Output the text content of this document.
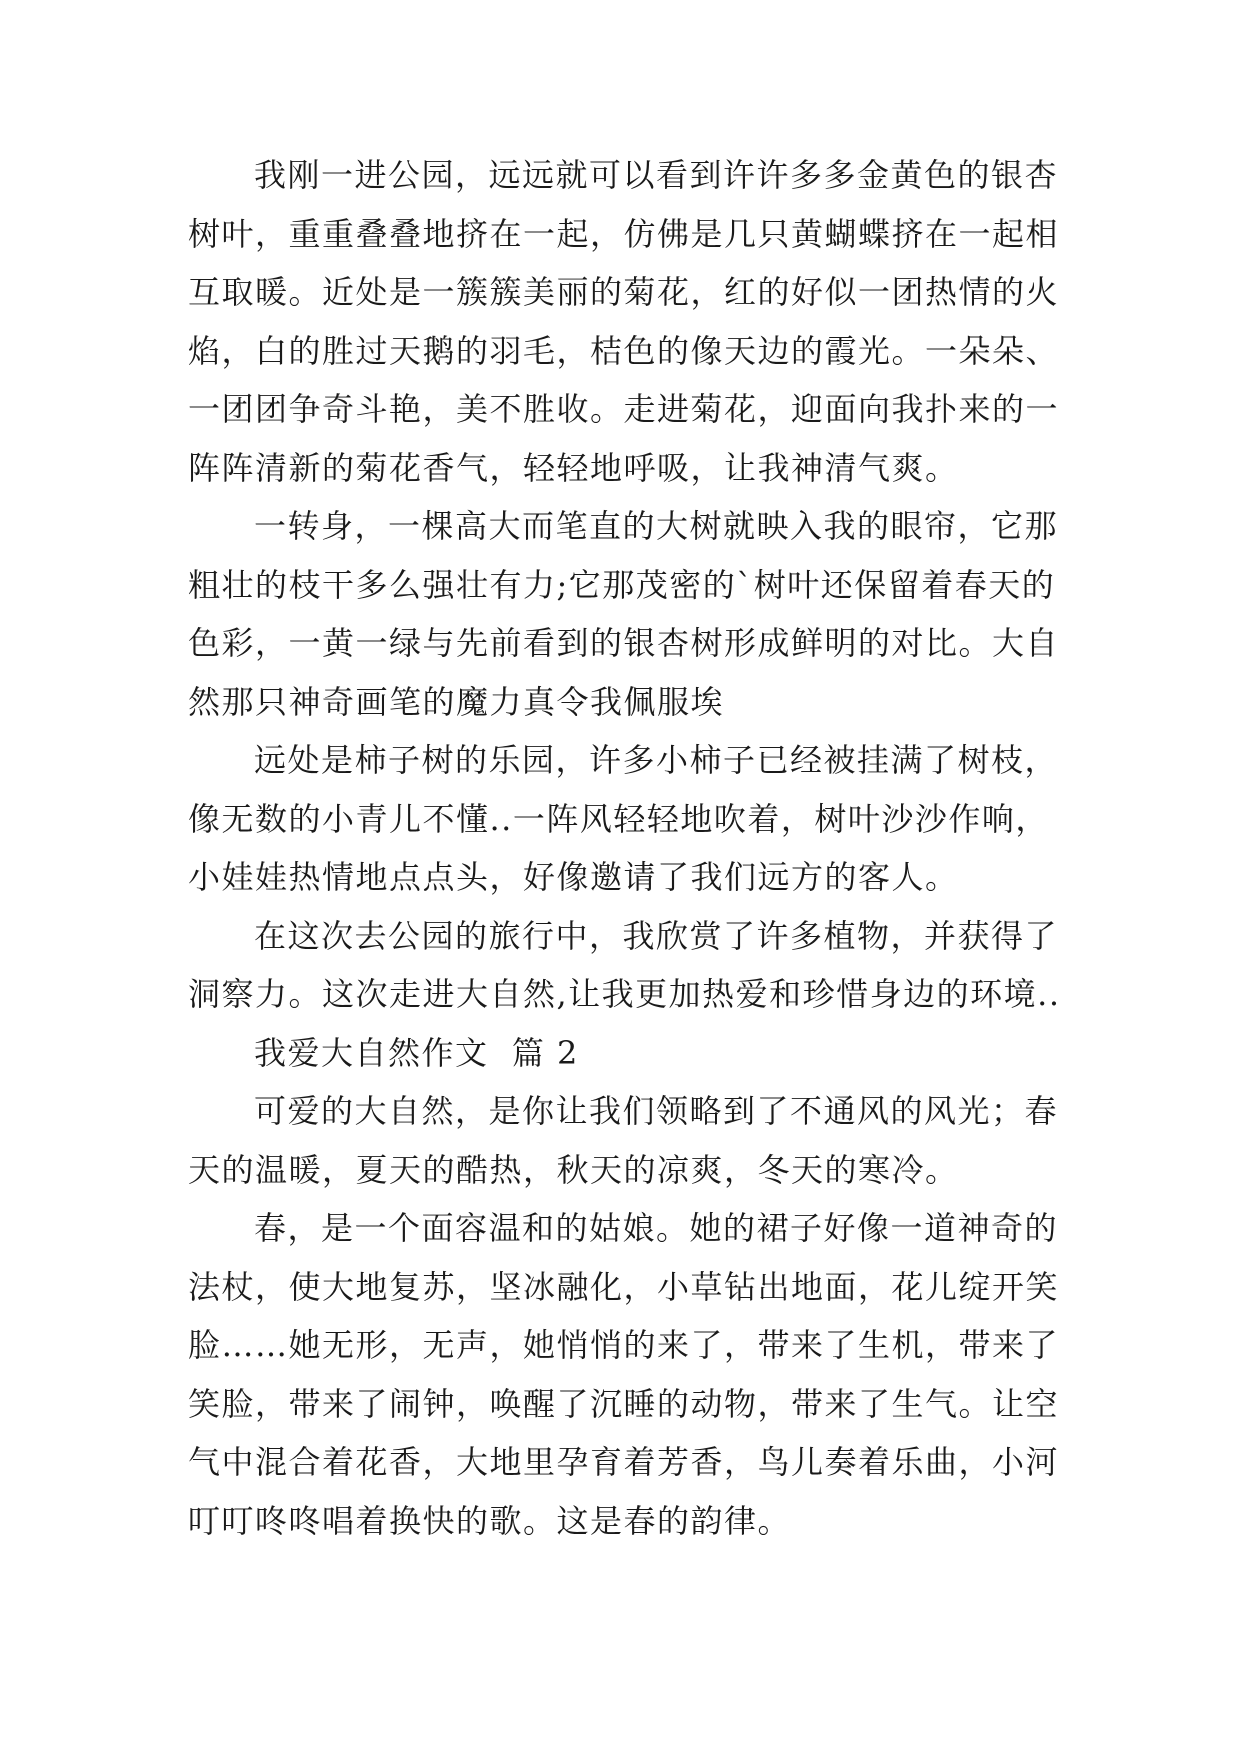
我刚一进公园，远远就可以看到许许多多金黄色的银杏
树叶，重重叠叠地挤在一起，仿佛是几只黄蝴蝶挤在一起相
互取暖。近处是一簇簇美丽的菊花，红的好似一团热情的火
焰，白的胜过天鹅的羽毛，桔色的像天边的霞光。一朵朵、
一团团争奇斗艳，美不胜收。走进菊花，迎面向我扑来的一
阵阵清新的菊花香气，轻轻地呼吸，让我神清气爽。
一转身，一棵高大而笔直的大树就映入我的眼帘，它那
粗壮的枝干多么强壮有力;它那茂密的`树叶还保留着春天的
色彩，一黄一绿与先前看到的银杏树形成鲜明的对比。大自
然那只神奇画笔的魔力真令我佩服埃
远处是柿子树的乐园，许多小柿子已经被挂满了树枝，
像无数的小青儿不懂..一阵风轻轻地吹着，树叶沙沙作响，
小娃娃热情地点点头，好像邀请了我们远方的客人。
在这次去公园的旅行中，我欣赏了许多植物，并获得了
洞察力。这次走进大自然,让我更加热爱和珍惜身边的环境..
我爱大自然作文  篇 2
可爱的大自然，是你让我们领略到了不通风的风光；春
天的温暖，夏天的酷热，秋天的凉爽，冬天的寒冷。
春，是一个面容温和的姑娘。她的裙子好像一道神奇的
法杖，使大地复苏，坚冰融化，小草钻出地面，花儿绽开笑
脸……她无形，无声，她悄悄的来了，带来了生机，带来了
笑脸，带来了闹钟，唤醒了沉睡的动物，带来了生气。让空
气中混合着花香，大地里孕育着芳香，鸟儿奏着乐曲，小河
叮叮咚咚唱着换快的歌。这是春的韵律。
